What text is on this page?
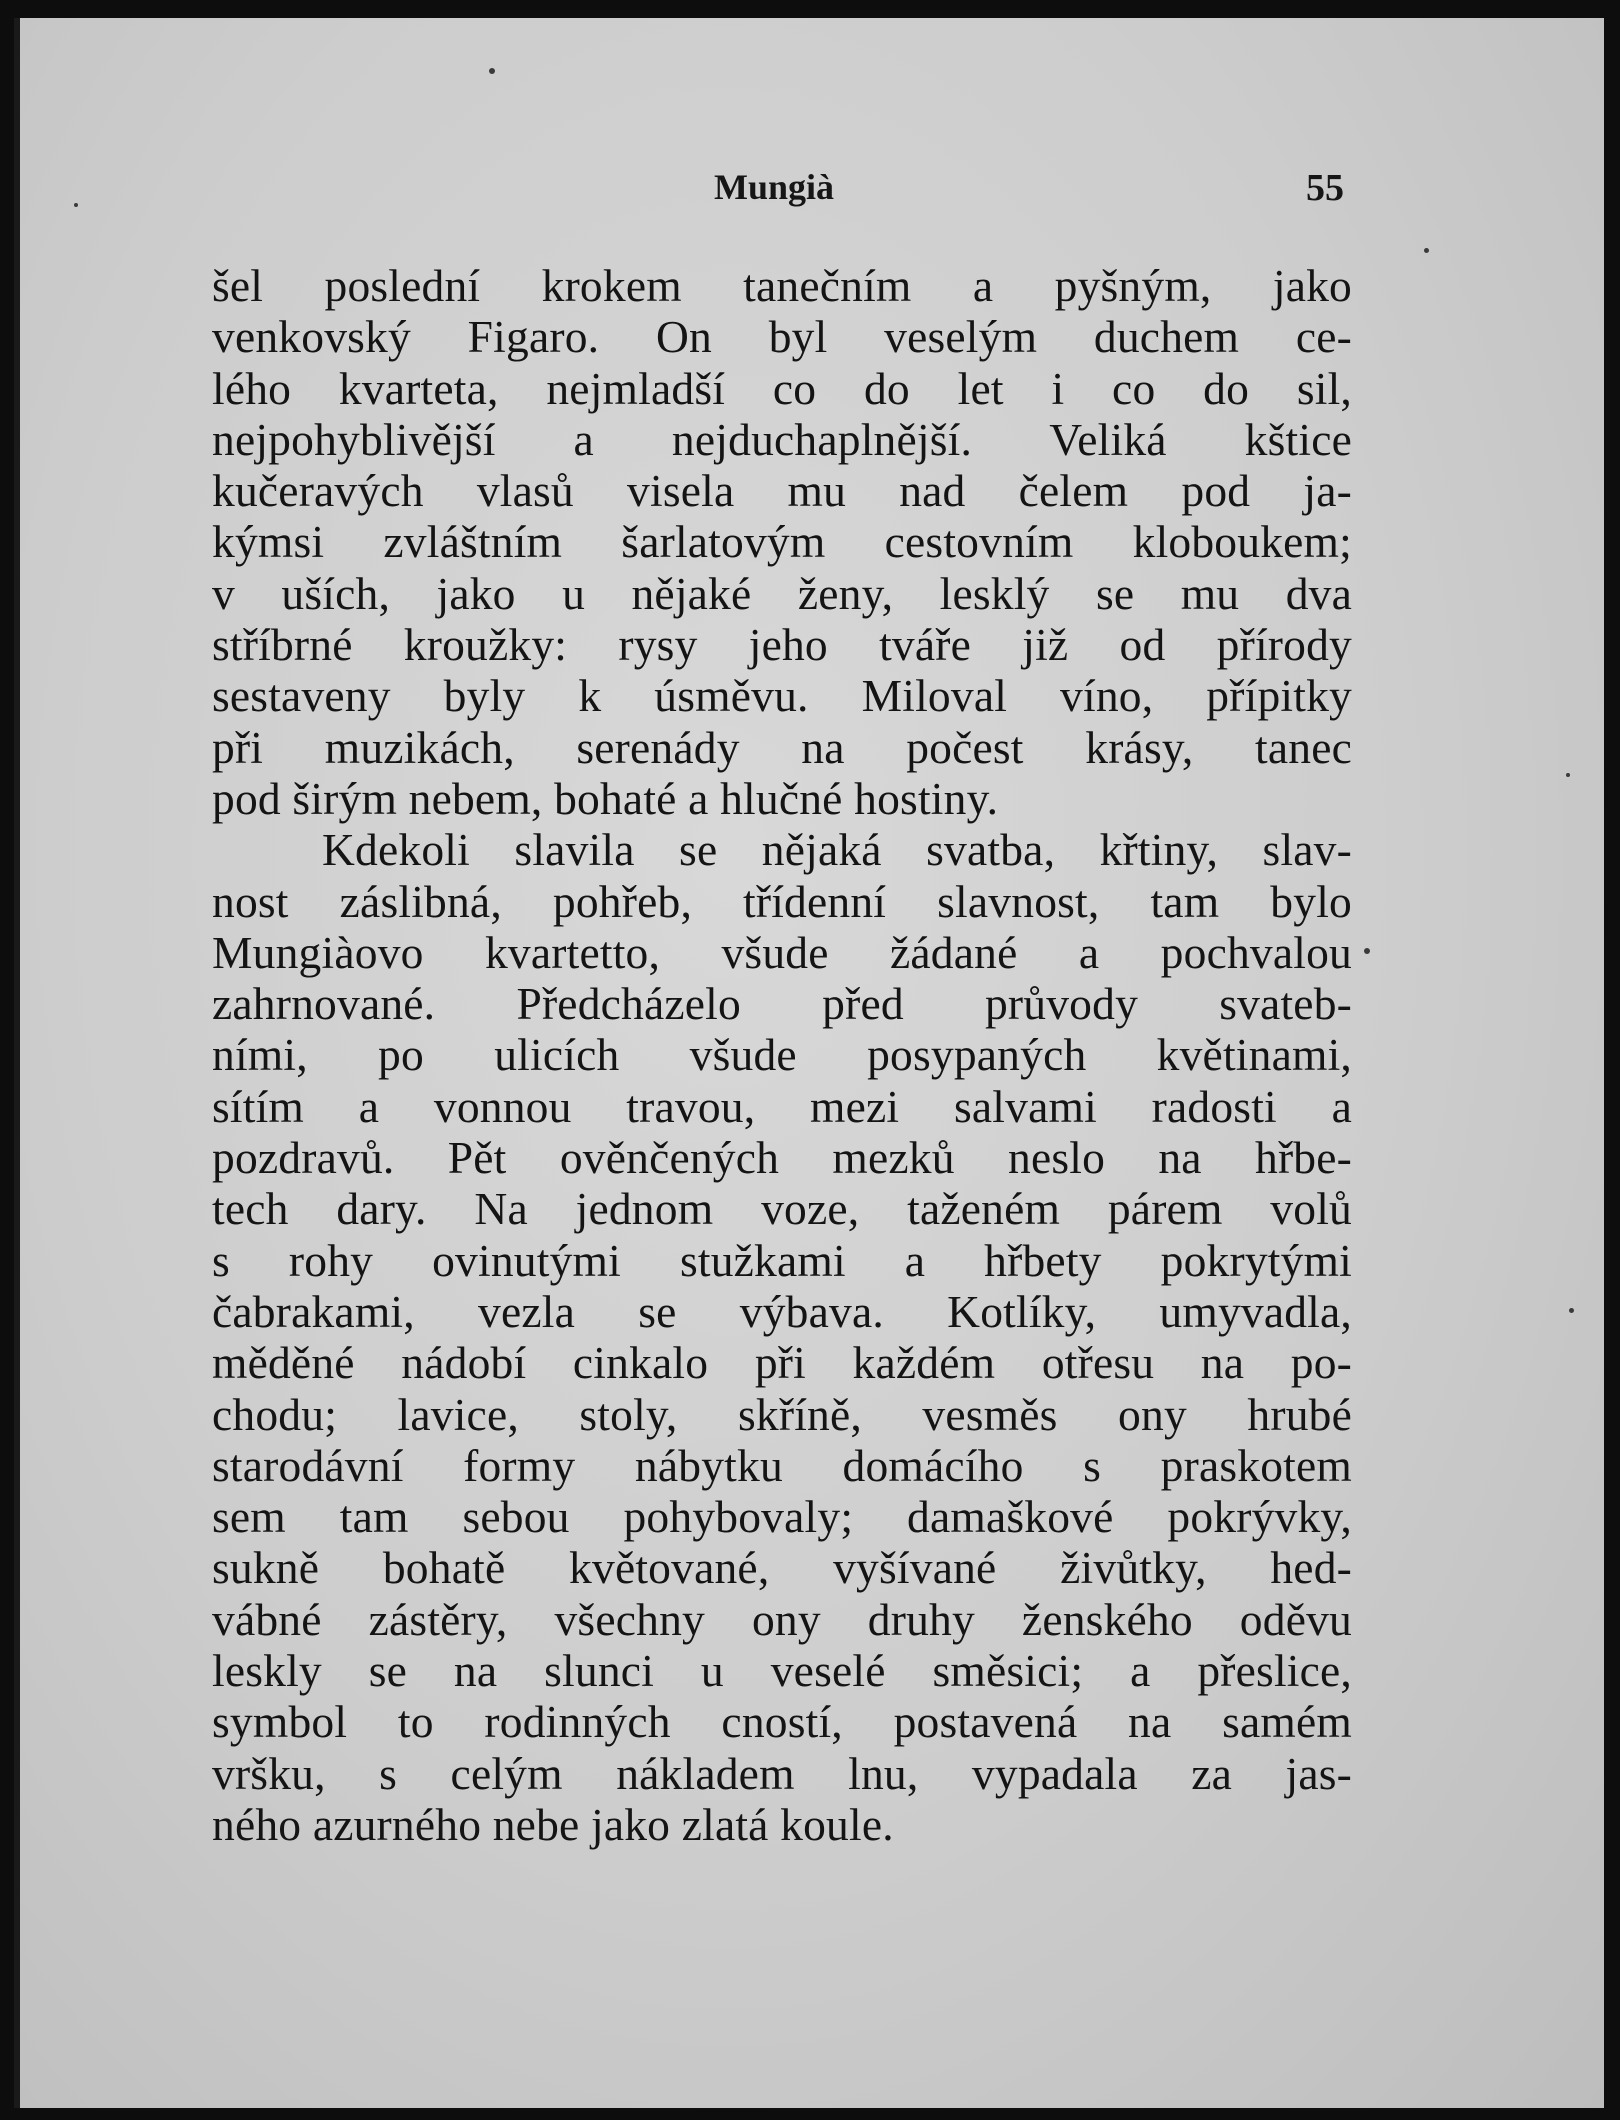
Mungià	55
šel poslední krokem tanečním a pyšným, jako
venkovský Figaro. On byl veselým duchem ce-
lého kvarteta, nejmladší co do let i co do sil,
nejpohyblivější a nejduchaplnější. Veliká kštice
kučeravých vlasů visela mu nad čelem pod ja-
kýmsi zvláštním šarlatovým cestovním kloboukem;
v uších, jako u nějaké ženy, lesklý se mu dva
stříbrné kroužky: rysy jeho tváře již od přírody
sestaveny byly k úsměvu. Miloval víno, přípitky
při muzikách, serenády na počest krásy, tanec
pod širým nebem, bohaté a hlučné hostiny.
Kdekoli slavila se nějaká svatba, křtiny, slav-
nost záslibná, pohřeb, třídenní slavnost, tam bylo
Mungiàovo kvartetto, všude žádané a pochvalou
zahrnované. Předcházelo před průvody svateb-
ními, po ulicích všude posypaných květinami,
sítím a vonnou travou, mezi salvami radosti a
pozdravů. Pět ověnčených mezků neslo na hřbe-
tech dary. Na jednom voze, taženém párem volů
s rohy ovinutými stužkami a hřbety pokrytými
čabrakami, vezla se výbava. Kotlíky, umyvadla,
měděné nádobí cinkalo při každém otřesu na po-
chodu; lavice, stoly, skříně, vesměs ony hrubé
starodávní formy nábytku domácího s praskotem
sem tam sebou pohybovaly; damaškové pokrývky,
sukně bohatě květované, vyšívané živůtky, hed-
vábné zástěry, všechny ony druhy ženského oděvu
leskly se na slunci u veselé směsici; a přeslice,
symbol to rodinných cností, postavená na samém
vršku, s celým nákladem lnu, vypadala za jas-
ného azurného nebe jako zlatá koule.
